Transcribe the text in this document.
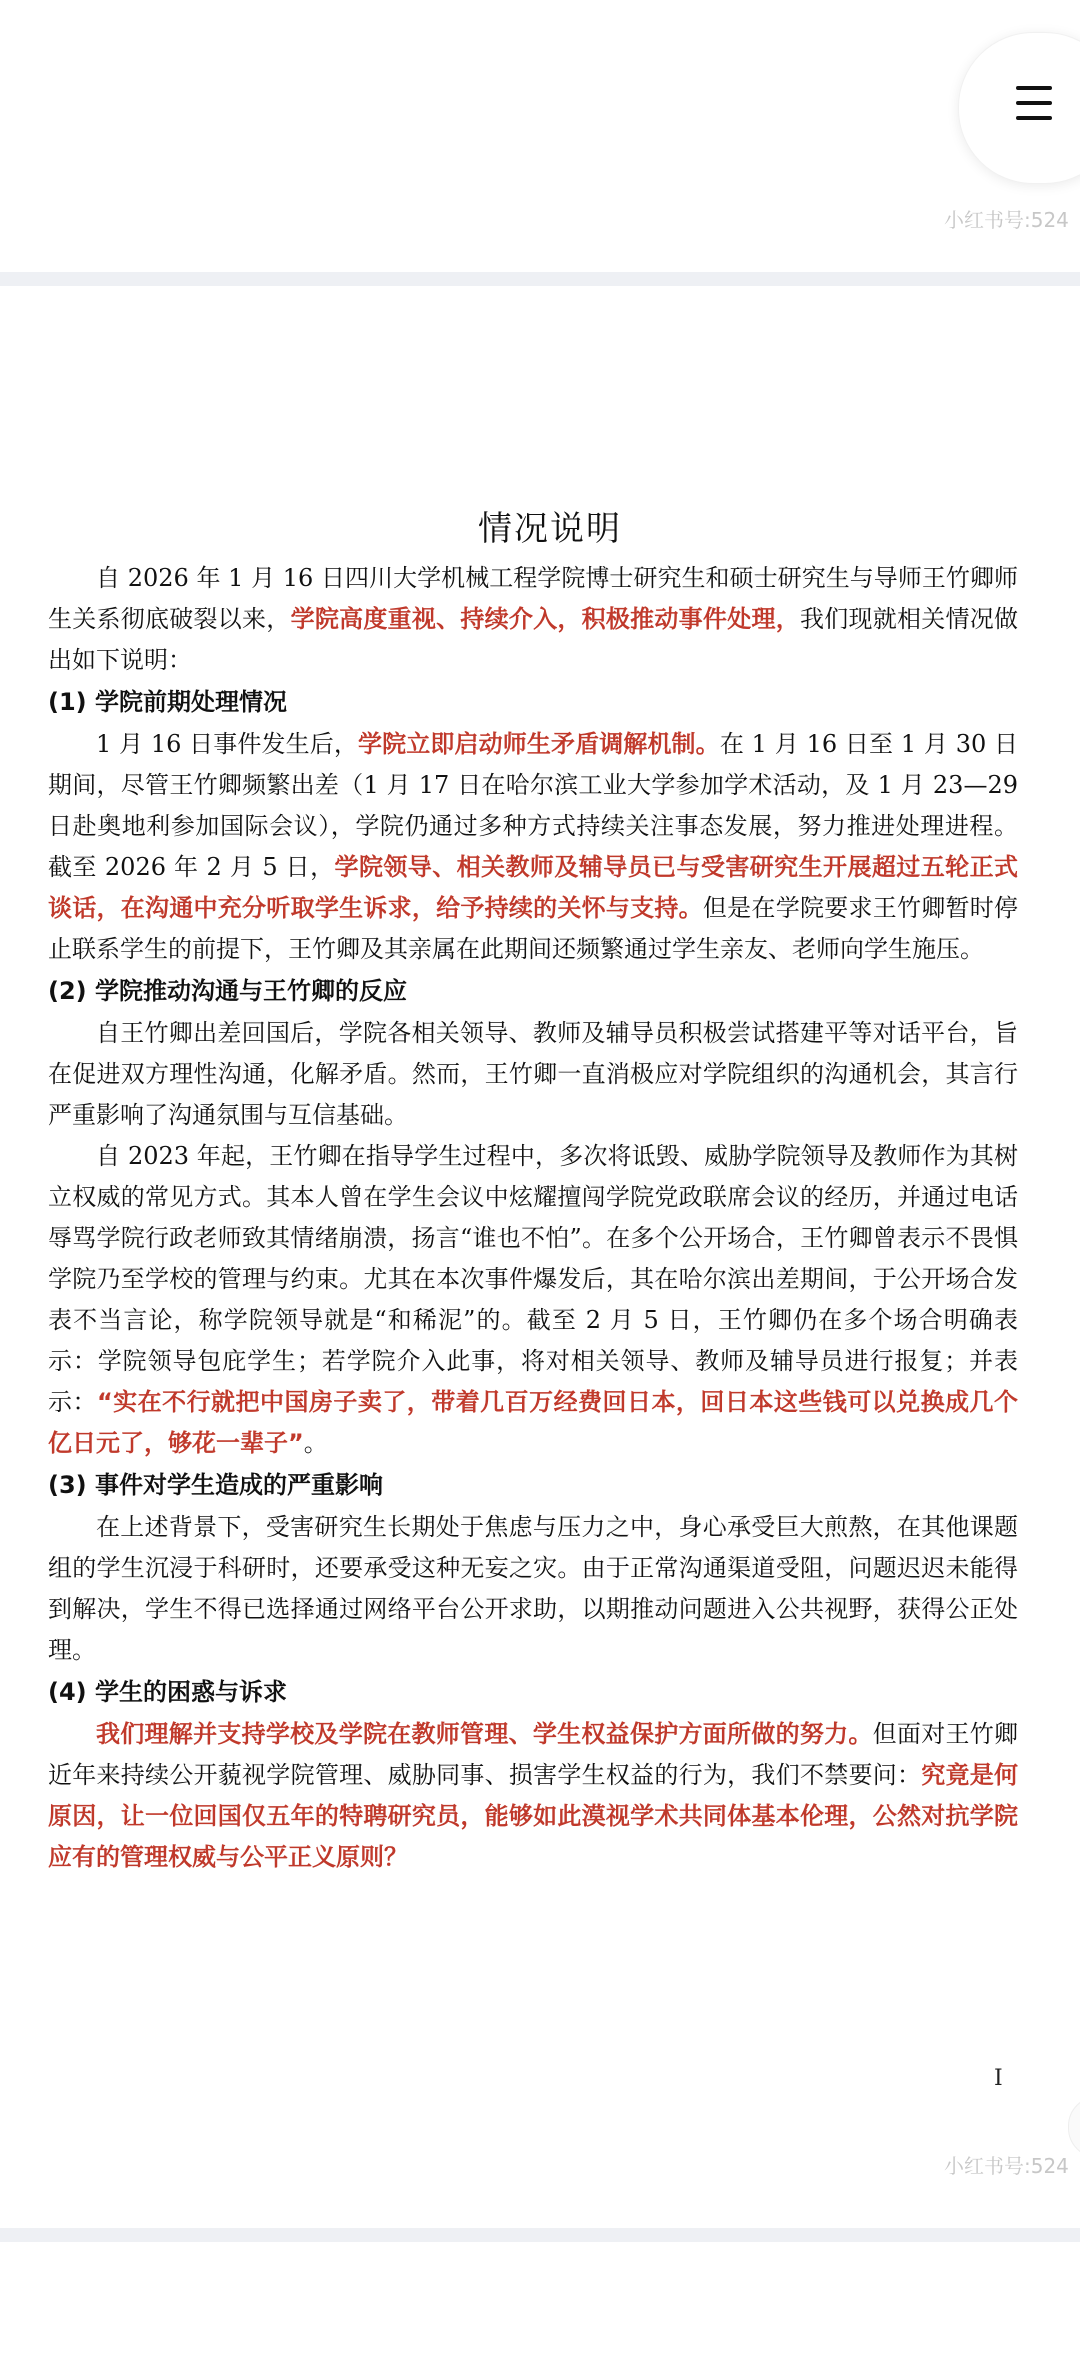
小红书号:524

情况说明

自 2026 年 1 月 16 日四川大学机械工程学院博士研究生和硕士研究生与导师王竹卿师生关系彻底破裂以来，学院高度重视、持续介入，积极推动事件处理，我们现就相关情况做出如下说明：

(1) 学院前期处理情况

1 月 16 日事件发生后，学院立即启动师生矛盾调解机制。在 1 月 16 日至 1 月 30 日期间，尽管王竹卿频繁出差（1 月 17 日在哈尔滨工业大学参加学术活动，及 1 月 23—29 日赴奥地利参加国际会议），学院仍通过多种方式持续关注事态发展，努力推进处理进程。截至 2026 年 2 月 5 日，学院领导、相关教师及辅导员已与受害研究生开展超过五轮正式谈话，在沟通中充分听取学生诉求，给予持续的关怀与支持。但是在学院要求王竹卿暂时停止联系学生的前提下，王竹卿及其亲属在此期间还频繁通过学生亲友、老师向学生施压。

(2) 学院推动沟通与王竹卿的反应

自王竹卿出差回国后，学院各相关领导、教师及辅导员积极尝试搭建平等对话平台，旨在促进双方理性沟通，化解矛盾。然而，王竹卿一直消极应对学院组织的沟通机会，其言行严重影响了沟通氛围与互信基础。

自 2023 年起，王竹卿在指导学生过程中，多次将诋毁、威胁学院领导及教师作为其树立权威的常见方式。其本人曾在学生会议中炫耀擅闯学院党政联席会议的经历，并通过电话辱骂学院行政老师致其情绪崩溃，扬言“谁也不怕”。在多个公开场合，王竹卿曾表示不畏惧学院乃至学校的管理与约束。尤其在本次事件爆发后，其在哈尔滨出差期间，于公开场合发表不当言论，称学院领导就是“和稀泥”的。截至 2 月 5 日，王竹卿仍在多个场合明确表示：学院领导包庇学生；若学院介入此事，将对相关领导、教师及辅导员进行报复；并表示：“实在不行就把中国房子卖了，带着几百万经费回日本，回日本这些钱可以兑换成几个亿日元了，够花一辈子”。

(3) 事件对学生造成的严重影响

在上述背景下，受害研究生长期处于焦虑与压力之中，身心承受巨大煎熬，在其他课题组的学生沉浸于科研时，还要承受这种无妄之灾。由于正常沟通渠道受阻，问题迟迟未能得到解决，学生不得已选择通过网络平台公开求助，以期推动问题进入公共视野，获得公正处理。

(4) 学生的困惑与诉求

我们理解并支持学校及学院在教师管理、学生权益保护方面所做的努力。但面对王竹卿近年来持续公开藐视学院管理、威胁同事、损害学生权益的行为，我们不禁要问：究竟是何原因，让一位回国仅五年的特聘研究员，能够如此漠视学术共同体基本伦理，公然对抗学院应有的管理权威与公平正义原则？

I
小红书号:524
